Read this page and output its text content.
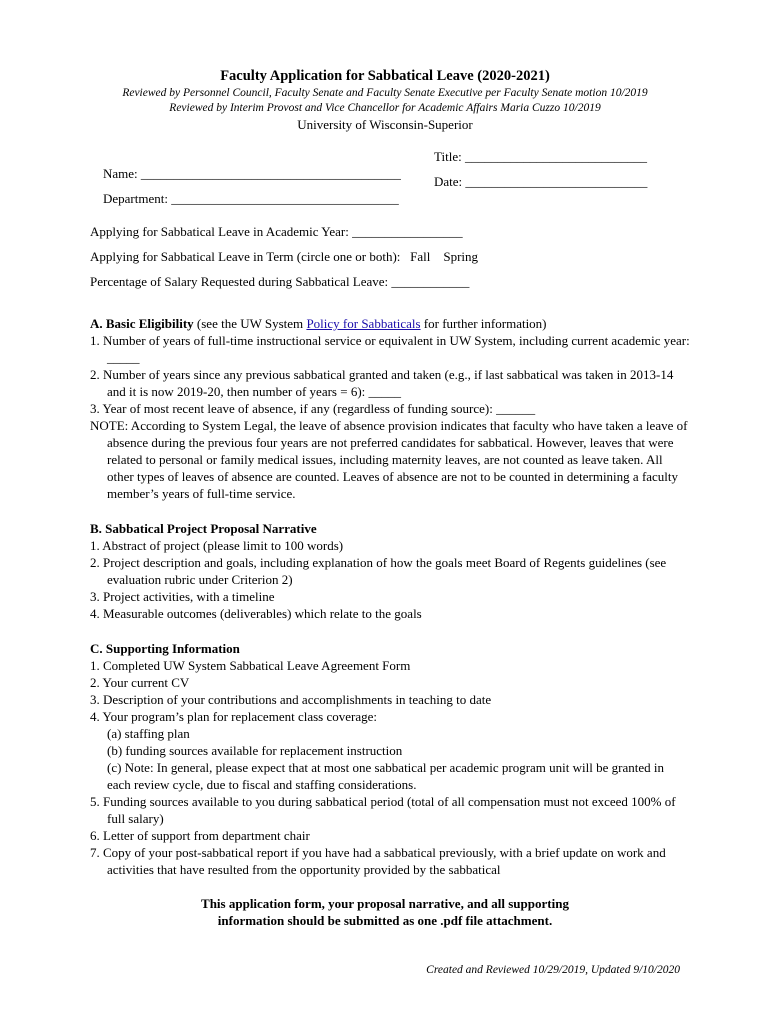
Faculty Application for Sabbatical Leave (2020-2021)
Reviewed by Personnel Council, Faculty Senate and Faculty Senate Executive per Faculty Senate motion 10/2019
Reviewed by Interim Provost and Vice Chancellor for Academic Affairs Maria Cuzzo 10/2019
University of Wisconsin-Superior

Name: ________________________________________

Title: ____________________________

Department: ___________________________________

Date: ____________________________

Applying for Sabbatical Leave in Academic Year: _________________
Applying for Sabbatical Leave in Term (circle one or both): Fall Spring
Percentage of Salary Requested during Sabbatical Leave: ____________
A. Basic Eligibility (see the UW System Policy for Sabbaticals for further information)
1. Number of years of full-time instructional service or equivalent in UW System, including current academic year: _____
2. Number of years since any previous sabbatical granted and taken (e.g., if last sabbatical was taken in 2013-14 and it is now 2019-20, then number of years = 6): _____
3. Year of most recent leave of absence, if any (regardless of funding source): ______
NOTE: According to System Legal, the leave of absence provision indicates that faculty who have taken a leave of absence during the previous four years are not preferred candidates for sabbatical. However, leaves that were related to personal or family medical issues, including maternity leaves, are not counted as leave taken. All other types of leaves of absence are counted. Leaves of absence are not to be counted in determining a faculty member’s years of full-time service.
B. Sabbatical Project Proposal Narrative
1. Abstract of project (please limit to 100 words)
2. Project description and goals, including explanation of how the goals meet Board of Regents guidelines (see evaluation rubric under Criterion 2)
3. Project activities, with a timeline
4. Measurable outcomes (deliverables) which relate to the goals
C. Supporting Information
1. Completed UW System Sabbatical Leave Agreement Form
2. Your current CV
3. Description of your contributions and accomplishments in teaching to date
4. Your program’s plan for replacement class coverage:
(a) staffing plan
(b) funding sources available for replacement instruction
(c) Note: In general, please expect that at most one sabbatical per academic program unit will be granted in each review cycle, due to fiscal and staffing considerations.
5. Funding sources available to you during sabbatical period (total of all compensation must not exceed 100% of full salary)
6. Letter of support from department chair
7. Copy of your post-sabbatical report if you have had a sabbatical previously, with a brief update on work and activities that have resulted from the opportunity provided by the sabbatical
This application form, your proposal narrative, and all supporting
information should be submitted as one .pdf file attachment.
Created and Reviewed 10/29/2019, Updated 9/10/2020
